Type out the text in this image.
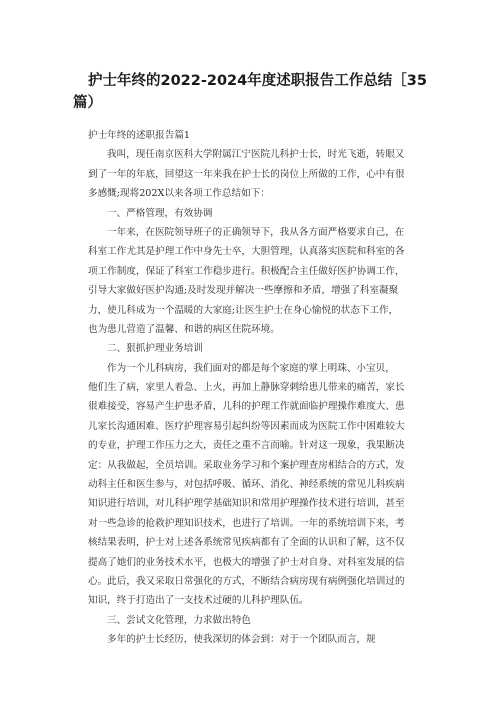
护士年终的2022-2024年度述职报告工作总结［35
篇）
护士年终的述职报告篇1
我叫，现任南京医科大学附属江宁医院儿科护士长，时光飞逝，转眼又
到了一年的年底，回望这一年来我在护士长的岗位上所做的工作，心中有很
多感慨;现将202X以来各项工作总结如下：
一、严格管理，有效协调
一年来，在医院领导班子的正确领导下，我从各方面严格要求自己，在
科室工作尤其是护理工作中身先士卒，大胆管理，认真落实医院和科室的各
项工作制度，保证了科室工作稳步进行。积极配合主任做好医护协调工作，
引导大家做好医护沟通;及时发现并解决一些摩擦和矛盾，增强了科室凝聚
力，使儿科成为一个温暖的大家庭;让医生护士在身心愉悦的状态下工作，
也为患儿营造了温馨、和谐的病区住院环境。
二、狠抓护理业务培训
作为一个儿科病房，我们面对的都是每个家庭的掌上明珠、小宝贝，
他们生了病，家里人着急、上火，再加上静脉穿刺给患儿带来的痛苦，家长
很难接受，容易产生护患矛盾，儿科的护理工作就面临护理操作难度大、患
儿家长沟通困难、医疗护理容易引起纠纷等因素而成为医院工作中困难较大
的专业，护理工作压力之大，责任之重不言而喻。针对这一现象，我果断决
定：从我做起，全员培训。采取业务学习和个案护理查房相结合的方式，发
动科主任和医生参与，对包括呼吸、循环、消化、神经系统的常见儿科疾病
知识进行培训，对儿科护理学基础知识和常用护理操作技术进行培训，甚至
对一些急诊的抢救护理知识技术，也进行了培训。一年的系统培训下来，考
核结果表明，护士对上述各系统常见疾病都有了全面的认识和了解，这不仅
提高了她们的业务技术水平，也极大的增强了护士对自身、对科室发展的信
心。此后，我又采取日常强化的方式，不断结合病房现有病例强化培训过的
知识，终于打造出了一支技术过硬的儿科护理队伍。
三、尝试文化管理，力求做出特色
多年的护士长经历，使我深切的体会到：对于一个团队而言，规
